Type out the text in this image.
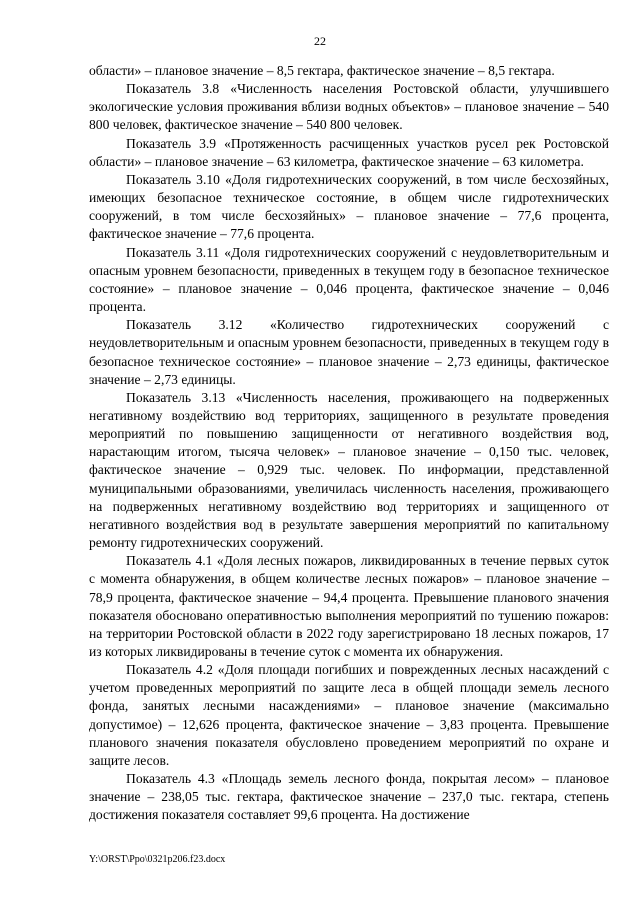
22

области» – плановое значение – 8,5 гектара, фактическое значение – 8,5 гектара.

Показатель 3.8 «Численность населения Ростовской области, улучшившего экологические условия проживания вблизи водных объектов» – плановое значение – 540 800 человек, фактическое значение – 540 800 человек.

Показатель 3.9 «Протяженность расчищенных участков русел рек Ростовской области» – плановое значение – 63 километра, фактическое значение – 63 километра.

Показатель 3.10 «Доля гидротехнических сооружений, в том числе бесхозяйных, имеющих безопасное техническое состояние, в общем числе гидротехнических сооружений, в том числе бесхозяйных» – плановое значение – 77,6 процента, фактическое значение – 77,6 процента.

Показатель 3.11 «Доля гидротехнических сооружений с неудовлетворительным и опасным уровнем безопасности, приведенных в текущем году в безопасное техническое состояние» – плановое значение – 0,046 процента, фактическое значение – 0,046 процента.

Показатель 3.12 «Количество гидротехнических сооружений с неудовлетворительным и опасным уровнем безопасности, приведенных в текущем году в безопасное техническое состояние» – плановое значение – 2,73 единицы, фактическое значение – 2,73 единицы.

Показатель 3.13 «Численность населения, проживающего на подверженных негативному воздействию вод территориях, защищенного в результате проведения мероприятий по повышению защищенности от негативного воздействия вод, нарастающим итогом, тысяча человек» – плановое значение – 0,150 тыс. человек, фактическое значение – 0,929 тыс. человек. По информации, представленной муниципальными образованиями, увеличилась численность населения, проживающего на подверженных негативному воздействию вод территориях и защищенного от негативного воздействия вод в результате завершения мероприятий по капитальному ремонту гидротехнических сооружений.

Показатель 4.1 «Доля лесных пожаров, ликвидированных в течение первых суток с момента обнаружения, в общем количестве лесных пожаров» – плановое значение – 78,9 процента, фактическое значение – 94,4 процента. Превышение планового значения показателя обосновано оперативностью выполнения мероприятий по тушению пожаров: на территории Ростовской области в 2022 году зарегистрировано 18 лесных пожаров, 17 из которых ликвидированы в течение суток с момента их обнаружения.

Показатель 4.2 «Доля площади погибших и поврежденных лесных насаждений с учетом проведенных мероприятий по защите леса в общей площади земель лесного фонда, занятых лесными насаждениями» – плановое значение (максимально допустимое) – 12,626 процента, фактическое значение – 3,83 процента. Превышение планового значения показателя обусловлено проведением мероприятий по охране и защите лесов.

Показатель 4.3 «Площадь земель лесного фонда, покрытая лесом» – плановое значение – 238,05 тыс. гектара, фактическое значение – 237,0 тыс. гектара, степень достижения показателя составляет 99,6 процента. На достижение

Y:\ORST\Ppo\0321p206.f23.docx
